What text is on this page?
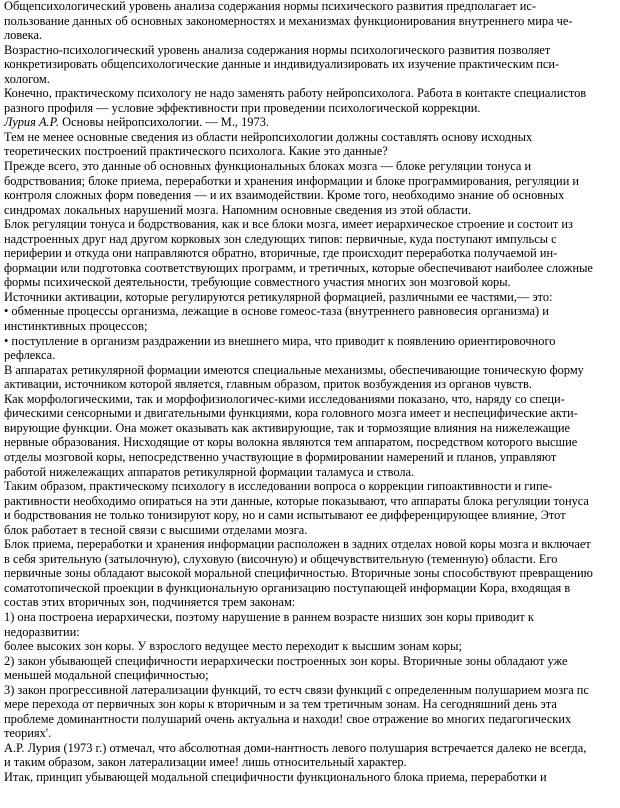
Общепсихологический уровень анализа содержания нормы психического развития предполагает ис-
пользование данных об основных закономерностях и механизмах функционирования внутреннего мира че-
ловека.
Возрастно-психологический уровень анализа содержания нормы психологического развития позволяет
конкретизировать общепсихологические данные и индивидуализировать их изучение практическим пси-
хологом.
Конечно, практическому психологу не надо заменять работу нейропсихолога. Работа в контакте специалистов
разного профиля — условие эффективности при проведении психологической коррекции.
Лурия А.Р. Основы нейропсихологии. — М., 1973.
Тем не менее основные сведения из области нейропсихологии должны составлять основу исходных
теоретических построений практического психолога. Какие это данные?
Прежде всего, это данные об основных функциональных блоках мозга — блоке регуляции тонуса и
бодрствования; блоке приема, переработки и хранения информации и блоке программирования, регуляции и
контроля сложных форм поведения — и их взаимодействии. Кроме того, необходимо знание об основных
синдромах локальных нарушений мозга. Напомним основные сведения из этой области.
Блок регуляции тонуса и бодрствования, как и все блоки мозга, имеет иерархическое строение и состоит из
надстроенных друг над другом корковых зон следующих типов: первичные, куда поступают импульсы с
периферии и откуда они направляются обратно, вторичные, где происходит переработка получаемой ин-
формации или подготовка соответствующих программ, и третичных, которые обеспечивают наиболее сложные
формы психической деятельности, требующие совместного участия многих зон мозговой коры.
Источники активации, которые регулируются ретикулярной формацией, различными ее частями,— это:
• обменные процессы организма, лежащие в основе гомеос-таза (внутреннего равновесия организма) и
инстинктивных процессов;
• поступление в организм раздражении из внешнего мира, что приводит к появлению ориентировочного
рефлекса.
В аппаратах ретикулярной формации имеются специальные механизмы, обеспечивающие тоническую форму
активации, источником которой является, главным образом, приток возбуждения из органов чувств.
Как морфологическими, так и морфофизиологичес-кими исследованиями показано, что, наряду со специ-
фическими сенсорными и двигательными функциями, кора головного мозга имеет и неспецифические акти-
вирующие функции. Она может оказывать как активирующие, так и тормозящие влияния на нижележащие
нервные образования. Нисходящие от коры волокна являются тем аппаратом, посредством которого высшие
отделы мозговой коры, непосредственно участвующие в формировании намерений и планов, управляют
работой нижележащих аппаратов ретикулярной формации таламуса и ствола.
Таким образом, практическому психологу в исследовании вопроса о коррекции гипоактивности и гипе-
рактивности необходимо опираться на эти данные, которые показывают, что аппараты блока регуляции тонуса
и бодрствования не только тонизируют кору, но и сами испытывают ее дифференцирующее влияние, Этот
блок работает в тесной связи с высшими отделами мозга.
Блок приема, переработки и хранения информации расположен в задних отделах новой коры мозга и включает
в себя зрительную (затылочную), слуховую (височную) и общечувствительную (теменную) области. Его
первичные зоны обладают высокой моральной специфичностью. Вторичные зоны способствуют превращению
соматотопической проекции в функциональную организацию поступающей информации Кора, входящая в
состав этих вторичных зон, подчиняется трем законам:
1) она построена иерархически, поэтому нарушение в раннем возрасте низших зон коры приводит к
недоразвитии:
более высоких зон коры. У взрослого ведущее место переходит к высшим зонам коры;
2) закон убывающей специфичности иерархически построенных зон коры. Вторичные зоны обладают уже
меньшей модальной специфичностью;
3) закон прогрессивной латерализации функций, то естч связи функций с определенным полушарием мозга пс
мере перехода от первичных зон коры к вторичным и за тем третичным зонам. На сегодняшний день эта
проблеме доминантности полушарий очень актуальна и находи! свое отражение во многих педагогических
теориях'.
А.Р. Лурия (1973 г.) отмечал, что абсолютная доми-нантность левого полушария встречается далеко не всегда,
и таким образом, закон латерализации имее! лишь относительный характер.
Итак, принцип убывающей модальной специфичности функционального блока приема, переработки и
